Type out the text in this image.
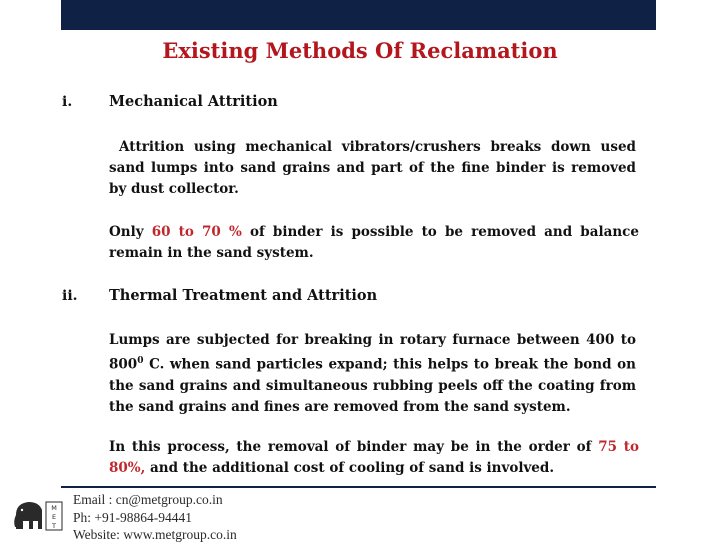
Existing Methods Of Reclamation
i.	Mechanical Attrition

Attrition using mechanical vibrators/crushers breaks down used sand lumps into sand grains and part of the fine binder is removed by dust collector.

Only 60 to 70 % of binder is possible to be removed and balance remain in the sand system.

ii. Thermal Treatment and Attrition

Lumps are subjected for breaking in rotary furnace between 400 to $800^0$ C. when sand particles expand; this helps to break the bond on the sand grains and simultaneous rubbing peels off the coating from the sand grains and fines are removed from the sand system.

In this process, the removal of binder may be in the order of 75 to 80%, and the additional cost of cooling of sand is involved.

M
E
T
Email : cn@metgroup.co.in
Ph: +91-98864-94441
Website: www.metgroup.co.in
